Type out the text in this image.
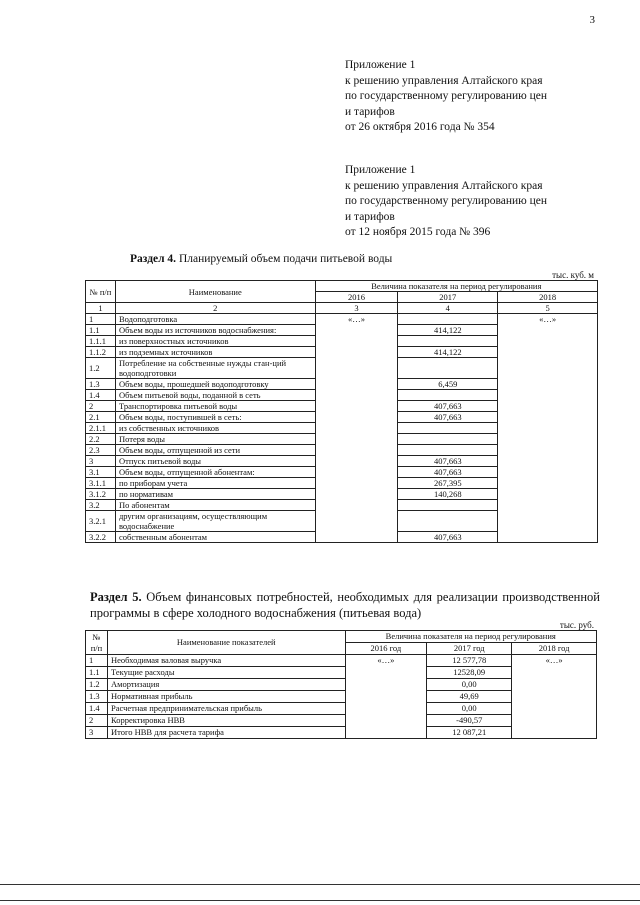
3
Приложение 1
к решению управления Алтайского края
по государственному регулированию цен
и тарифов
от 26 октября 2016 года № 354
Приложение 1
к решению управления Алтайского края
по государственному регулированию цен
и тарифов
от 12 ноября 2015 года № 396
Раздел 4. Планируемый объем подачи питьевой воды
тыс. куб. м
№ п/п	Наименование	Величина показателя на период регулирования		
		2016	2017	2018
1	2	3	4	5
1	Водоподготовка	«…»		«…»
1.1	Объем воды из источников водоснабжения:		414,122	
1.1.1	из поверхностных источников			
1.1.2	из подземных источников		414,122	
1.2	Потребление на собственные нужды стан-ций водоподготовки			
1.3	Объем воды, прошедшей водоподготовку		6,459	
1.4	Объем питьевой воды, поданной в сеть			
2	Транспортировка питьевой воды		407,663	
2.1	Объем воды, поступившей в сеть:		407,663	
2.1.1	из собственных источников			
2.2	Потеря воды			
2.3	Объем воды, отпущенной из сети			
3	Отпуск питьевой воды		407,663	
3.1	Объем воды, отпущенной абонентам:		407,663	
3.1.1	по приборам учета		267,395	
3.1.2	по нормативам		140,268	
3.2	По абонентам			
3.2.1	другим организациям, осуществляющим водоснабжение			
3.2.2	собственным абонентам		407,663	
Раздел 5. Объем финансовых потребностей, необходимых для реализации производственной программы в сфере холодного водоснабжения (питьевая вода)
тыс. руб.
№ п/п	Наименование показателей	Величина показателя на период регулирования		
		2016 год	2017 год	2018 год
1	Необходимая валовая выручка	«…»	12 577,78	«…»
1.1	Текущие расходы		12528,09	
1.2	Амортизация		0,00	
1.3	Нормативная прибыль		49,69	
1.4	Расчетная предпринимательская прибыль		0,00	
2	Корректировка НВВ		-490,57	
3	Итого НВВ для расчета тарифа		12 087,21	
